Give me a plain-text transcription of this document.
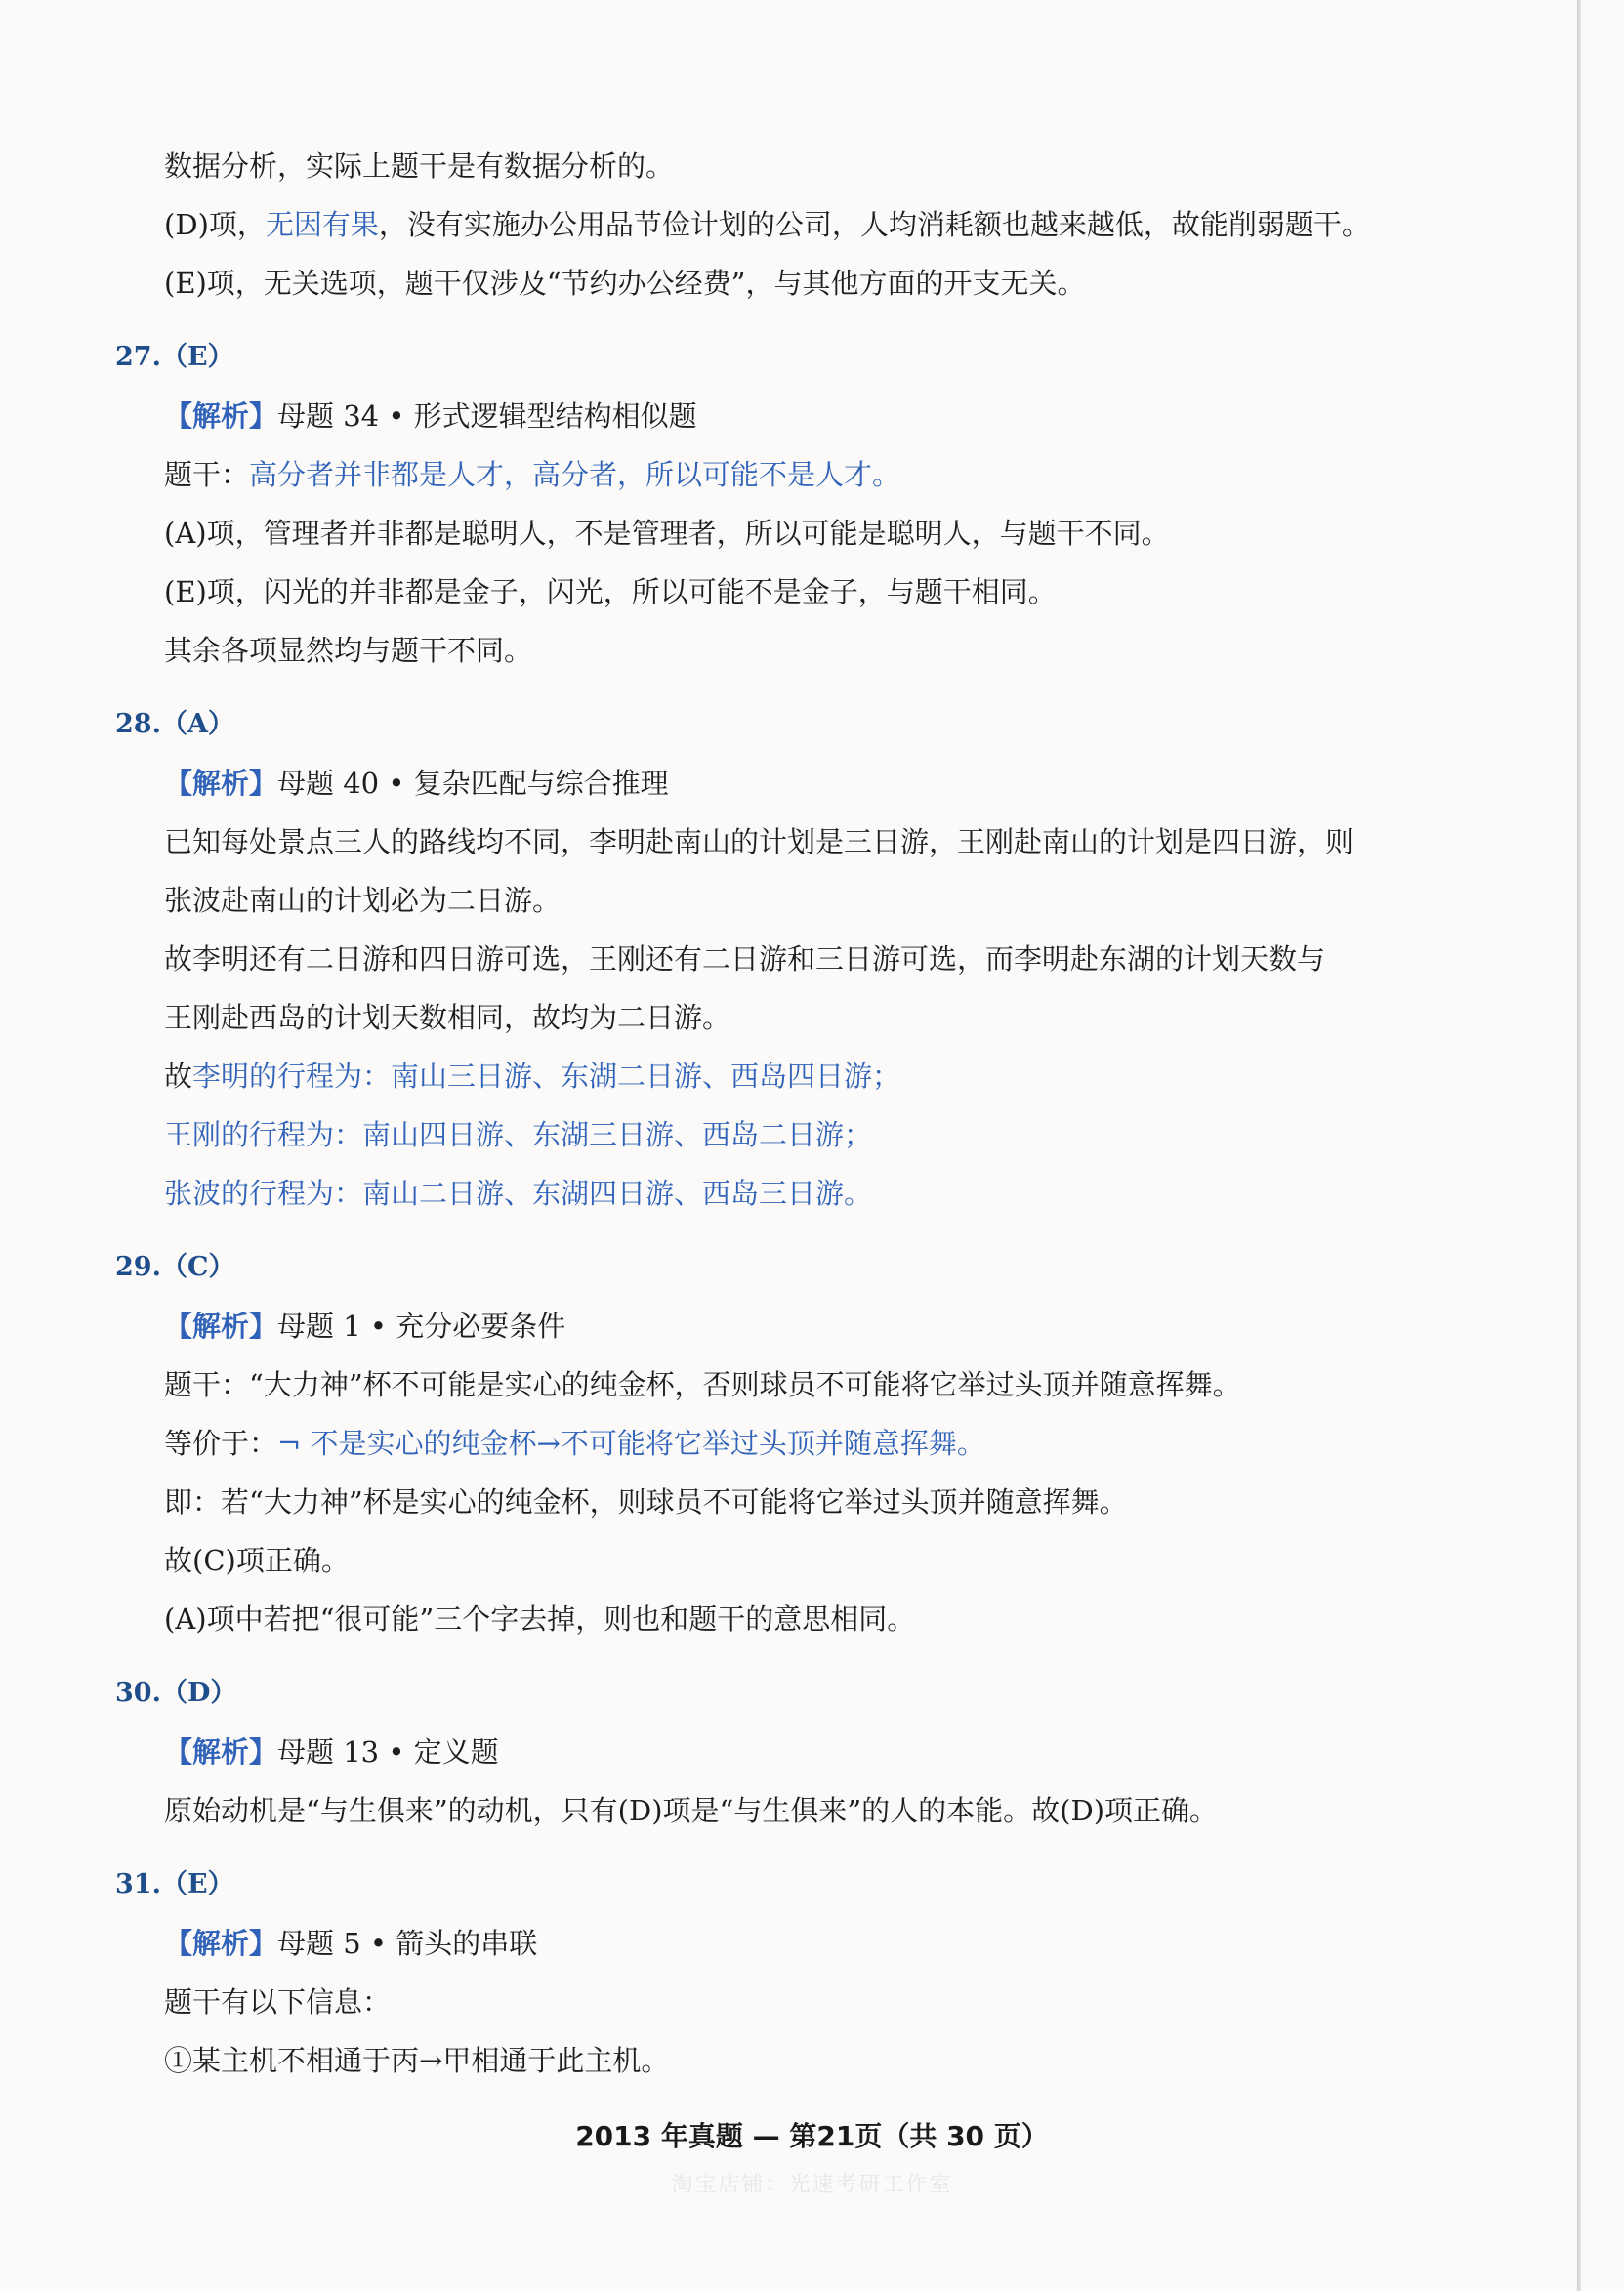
数据分析，实际上题干是有数据分析的。
(D)项，无因有果，没有实施办公用品节俭计划的公司，人均消耗额也越来越低，故能削弱题干。
(E)项，无关选项，题干仅涉及“节约办公经费”，与其他方面的开支无关。
27.（E）
【解析】母题 34 • 形式逻辑型结构相似题
题干：高分者并非都是人才，高分者，所以可能不是人才。
(A)项，管理者并非都是聪明人，不是管理者，所以可能是聪明人，与题干不同。
(E)项，闪光的并非都是金子，闪光，所以可能不是金子，与题干相同。
其余各项显然均与题干不同。
28.（A）
【解析】母题 40 • 复杂匹配与综合推理
已知每处景点三人的路线均不同，李明赴南山的计划是三日游，王刚赴南山的计划是四日游，则
张波赴南山的计划必为二日游。
故李明还有二日游和四日游可选，王刚还有二日游和三日游可选，而李明赴东湖的计划天数与
王刚赴西岛的计划天数相同，故均为二日游。
故李明的行程为：南山三日游、东湖二日游、西岛四日游；
王刚的行程为：南山四日游、东湖三日游、西岛二日游；
张波的行程为：南山二日游、东湖四日游、西岛三日游。
29.（C）
【解析】母题 1 • 充分必要条件
题干：“大力神”杯不可能是实心的纯金杯，否则球员不可能将它举过头顶并随意挥舞。
等价于：¬ 不是实心的纯金杯→不可能将它举过头顶并随意挥舞。
即：若“大力神”杯是实心的纯金杯，则球员不可能将它举过头顶并随意挥舞。
故(C)项正确。
(A)项中若把“很可能”三个字去掉，则也和题干的意思相同。
30.（D）
【解析】母题 13 • 定义题
原始动机是“与生俱来”的动机，只有(D)项是“与生俱来”的人的本能。故(D)项正确。
31.（E）
【解析】母题 5 • 箭头的串联
题干有以下信息：
①某主机不相通于丙→甲相通于此主机。
2013 年真题 — 第21页（共 30 页）
淘宝店铺：光速考研工作室
